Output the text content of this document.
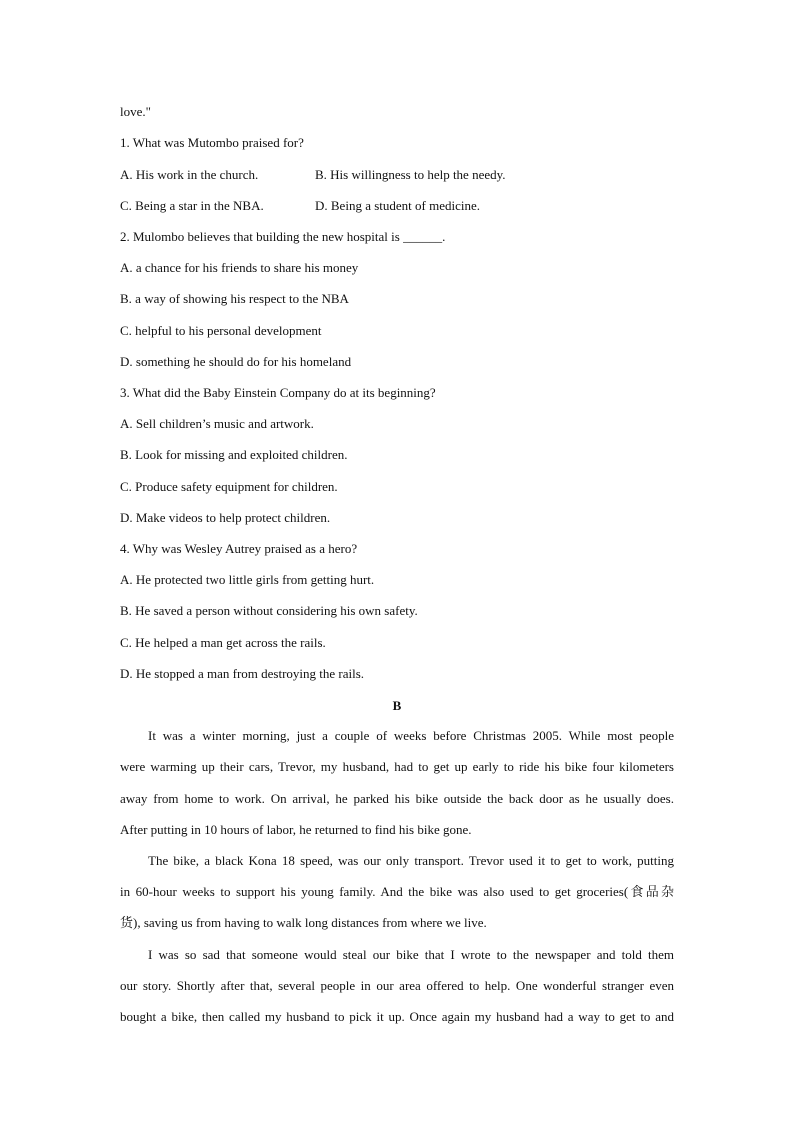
love."
1. What was Mutombo praised for?
A. His work in the church.	B. His willingness to help the needy.
C. Being a star in the NBA.	D. Being a student of medicine.
2. Mulombo believes that building the new hospital is ______.
A. a chance for his friends to share his money
B. a way of showing his respect to the NBA
C. helpful to his personal development
D. something he should do for his homeland
3. What did the Baby Einstein Company do at its beginning?
A. Sell children’s music and artwork.
B. Look for missing and exploited children.
C. Produce safety equipment for children.
D. Make videos to help protect children.
4. Why was Wesley Autrey praised as a hero?
A. He protected two little girls from getting hurt.
B. He saved a person without considering his own safety.
C. He helped a man get across the rails.
D. He stopped a man from destroying the rails.
B
It was a winter morning, just a couple of weeks before Christmas 2005. While most people
were warming up their cars, Trevor, my husband, had to get up early to ride his bike four kilometers
away from home to work. On arrival, he parked his bike outside the back door as he usually does.
After putting in 10 hours of labor, he returned to find his bike gone.
The bike, a black Kona 18 speed, was our only transport. Trevor used it to get to work, putting
in 60-hour weeks to support his young family. And the bike was also used to get groceries(食品杂
货), saving us from having to walk long distances from where we live.
I was so sad that someone would steal our bike that I wrote to the newspaper and told them
our story. Shortly after that, several people in our area offered to help. One wonderful stranger even
bought a bike, then called my husband to pick it up. Once again my husband had a way to get to and
